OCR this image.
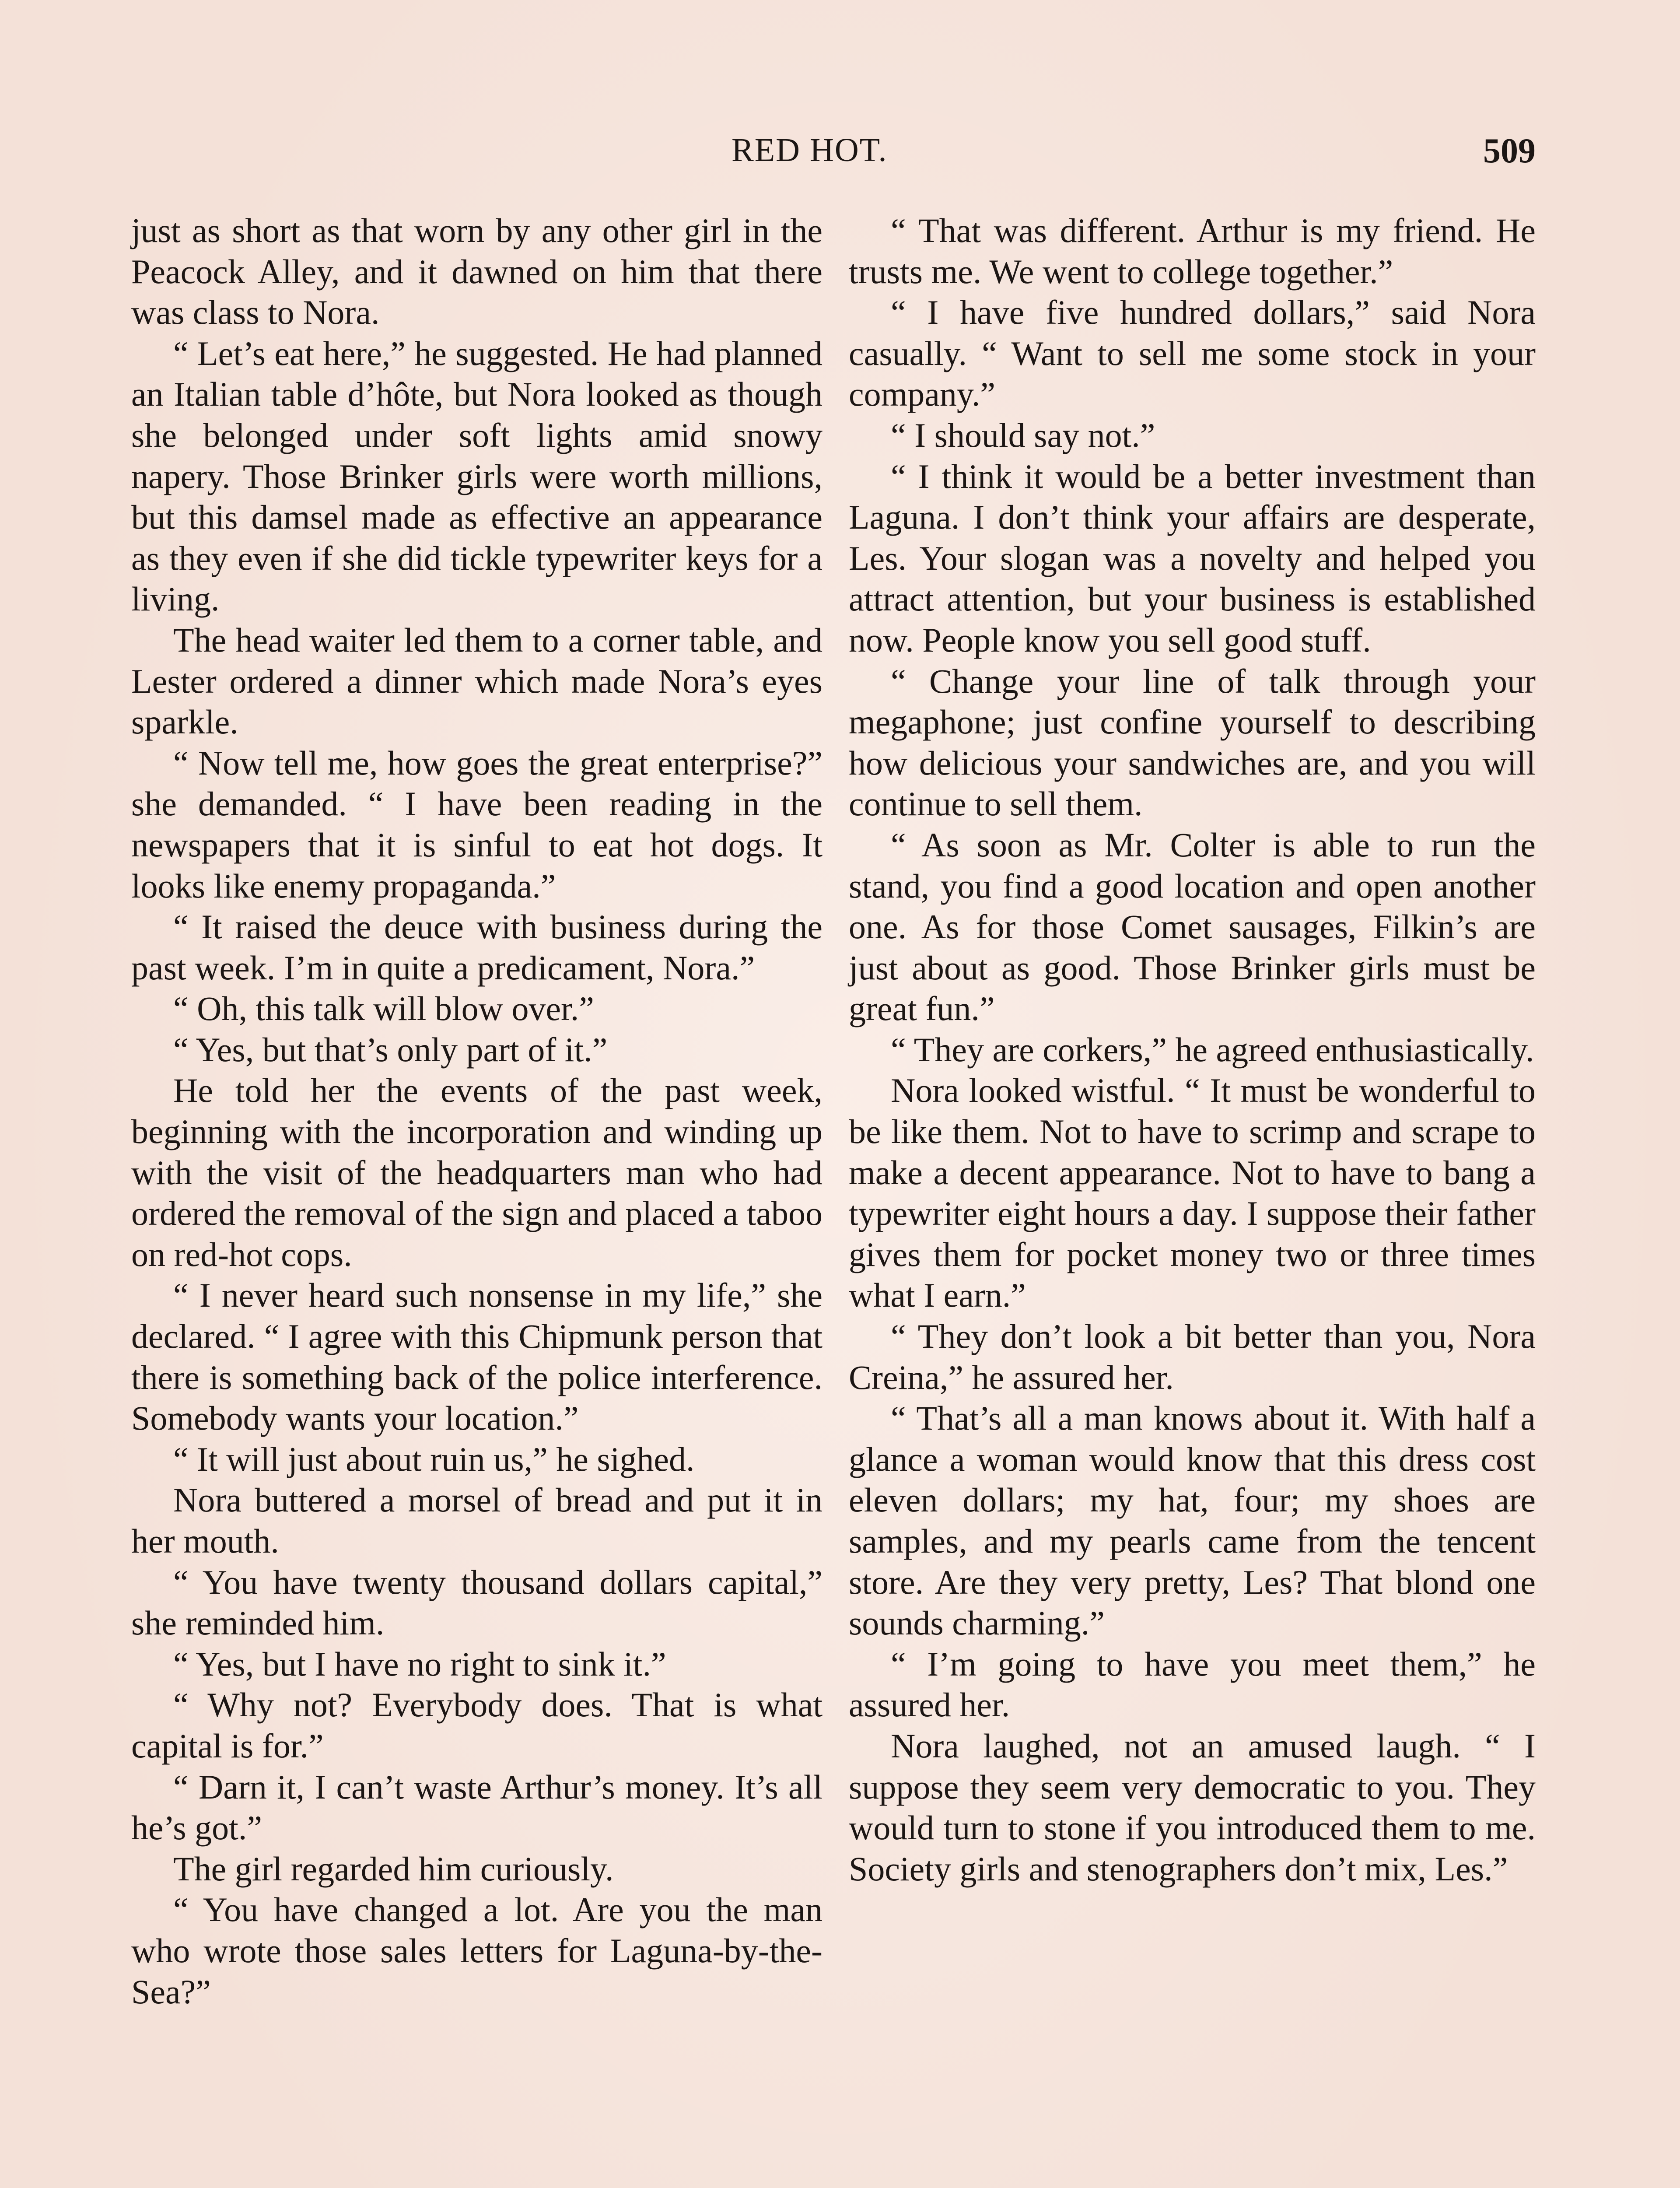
RED HOT.	509

just as short as that worn by any other girl in the Peacock Alley, and it dawned on him that there was class to Nora.

“ Let’s eat here,” he suggested. He had planned an Italian table d’hôte, but Nora looked as though she belonged under soft lights amid snowy napery. Those Brinker girls were worth millions, but this damsel made as effective an appearance as they even if she did tickle typewriter keys for a living.

The head waiter led them to a corner table, and Lester ordered a dinner which made Nora’s eyes sparkle.

“ Now tell me, how goes the great enterprise?” she demanded. “ I have been reading in the newspapers that it is sinful to eat hot dogs. It looks like enemy propaganda.”

“ It raised the deuce with business during the past week. I’m in quite a predicament, Nora.”

“ Oh, this talk will blow over.”

“ Yes, but that’s only part of it.”

He told her the events of the past week, beginning with the incorporation and winding up with the visit of the headquarters man who had ordered the removal of the sign and placed a taboo on red-hot cops.

“ I never heard such nonsense in my life,” she declared. “ I agree with this Chipmunk person that there is something back of the police interference. Somebody wants your location.”

“ It will just about ruin us,” he sighed.

Nora buttered a morsel of bread and put it in her mouth.

“ You have twenty thousand dollars capital,” she reminded him.

“ Yes, but I have no right to sink it.”

“ Why not? Everybody does. That is what capital is for.”

“ Darn it, I can’t waste Arthur’s money. It’s all he’s got.”

The girl regarded him curiously.

“ You have changed a lot. Are you the man who wrote those sales letters for Laguna-by-the-Sea?”

“ That was different. Arthur is my friend. He trusts me. We went to college together.”

“ I have five hundred dollars,” said Nora casually. “ Want to sell me some stock in your company.”

“ I should say not.”

“ I think it would be a better investment than Laguna. I don’t think your affairs are desperate, Les. Your slogan was a novelty and helped you attract attention, but your business is established now. People know you sell good stuff.

“ Change your line of talk through your megaphone; just confine yourself to describing how delicious your sandwiches are, and you will continue to sell them.

“ As soon as Mr. Colter is able to run the stand, you find a good location and open another one. As for those Comet sausages, Filkin’s are just about as good. Those Brinker girls must be great fun.”

“ They are corkers,” he agreed enthusiastically.

Nora looked wistful. “ It must be wonderful to be like them. Not to have to scrimp and scrape to make a decent appearance. Not to have to bang a typewriter eight hours a day. I suppose their father gives them for pocket money two or three times what I earn.”

“ They don’t look a bit better than you, Nora Creina,” he assured her.

“ That’s all a man knows about it. With half a glance a woman would know that this dress cost eleven dollars; my hat, four; my shoes are samples, and my pearls came from the tencent store. Are they very pretty, Les? That blond one sounds charming.”

“ I’m going to have you meet them,” he assured her.

Nora laughed, not an amused laugh. “ I suppose they seem very democratic to you. They would turn to stone if you introduced them to me. Society girls and stenographers don’t mix, Les.”
